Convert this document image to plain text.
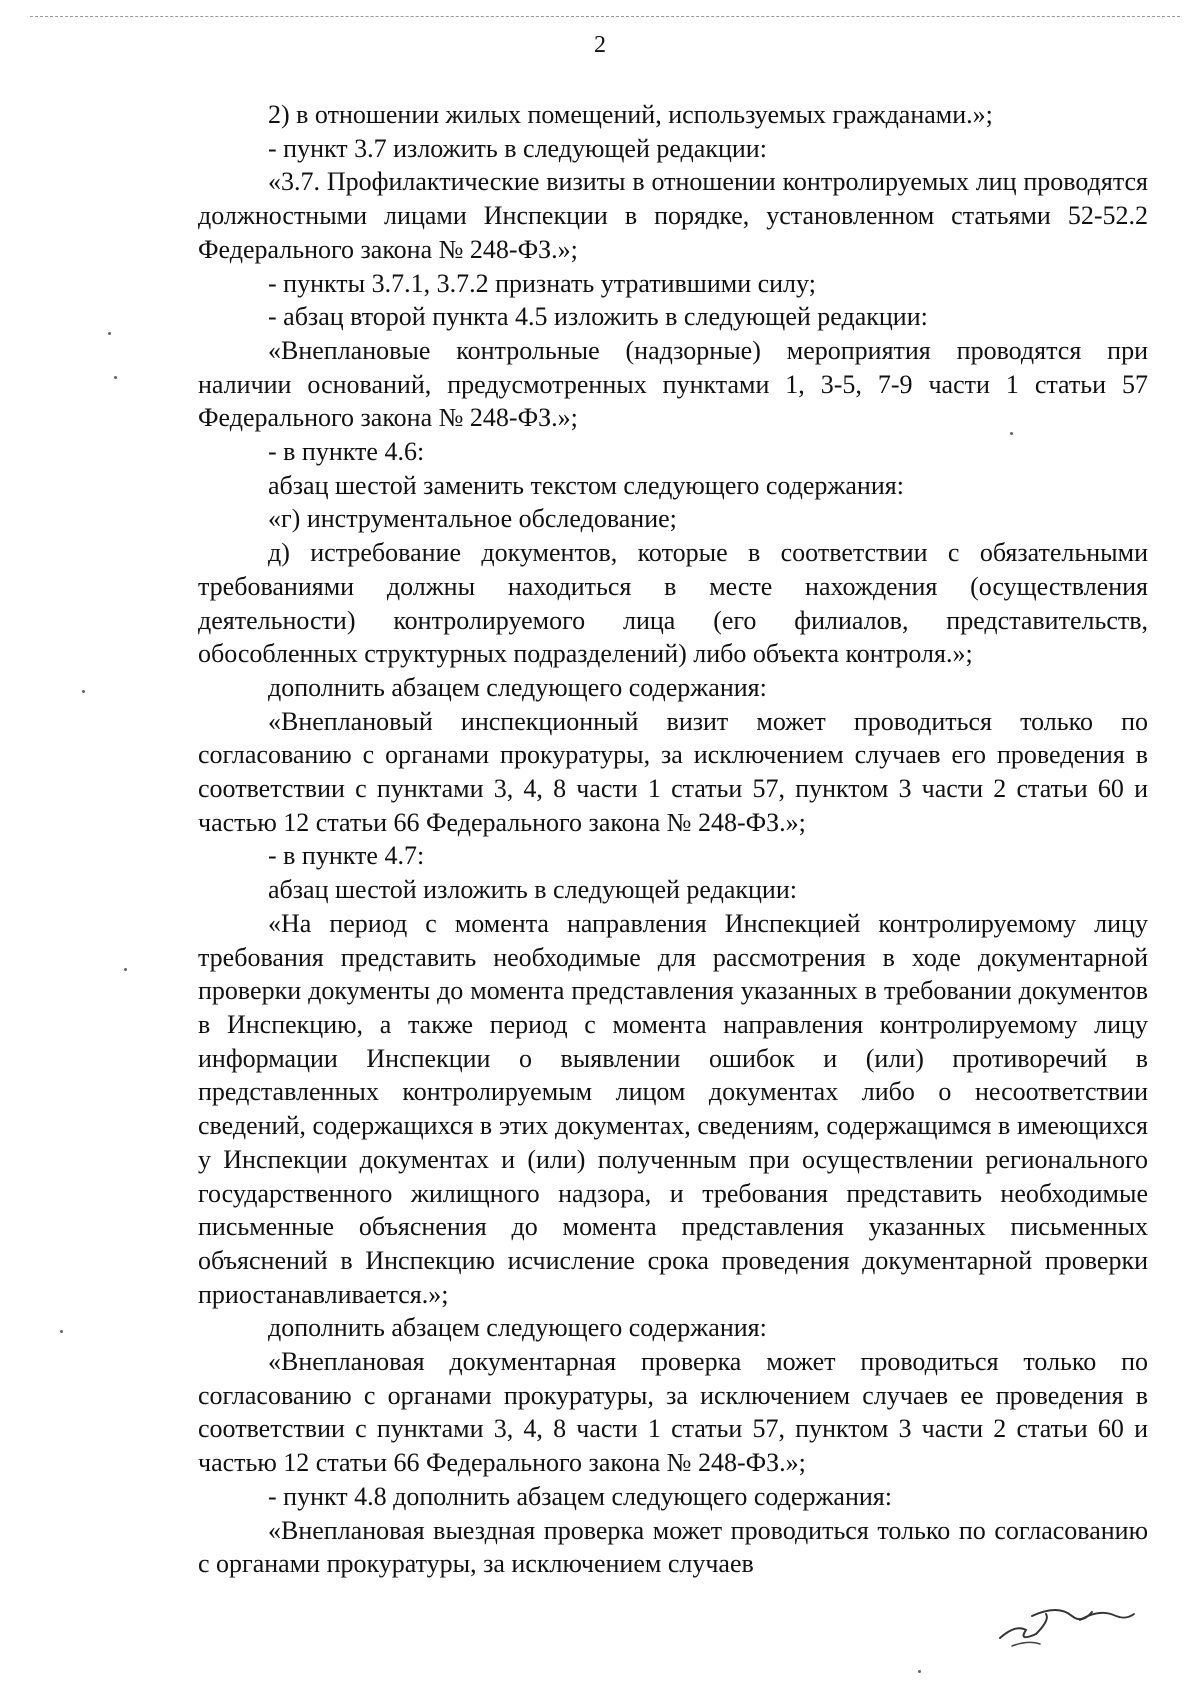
2

2) в отношении жилых помещений, используемых гражданами.»;

- пункт 3.7 изложить в следующей редакции:

«3.7. Профилактические визиты в отношении контролируемых лиц проводятся должностными лицами Инспекции в порядке, установленном статьями 52-52.2 Федерального закона № 248-ФЗ.»;

- пункты 3.7.1, 3.7.2 признать утратившими силу;

- абзац второй пункта 4.5 изложить в следующей редакции:

«Внеплановые контрольные (надзорные) мероприятия проводятся при наличии оснований, предусмотренных пунктами 1, 3-5, 7-9 части 1 статьи 57 Федерального закона № 248-ФЗ.»;

- в пункте 4.6:

абзац шестой заменить текстом следующего содержания:

«г) инструментальное обследование;

д) истребование документов, которые в соответствии с обязательными требованиями должны находиться в месте нахождения (осуществления деятельности) контролируемого лица (его филиалов, представительств, обособленных структурных подразделений) либо объекта контроля.»;

дополнить абзацем следующего содержания:

«Внеплановый инспекционный визит может проводиться только по согласованию с органами прокуратуры, за исключением случаев его проведения в соответствии с пунктами 3, 4, 8 части 1 статьи 57, пунктом 3 части 2 статьи 60 и частью 12 статьи 66 Федерального закона № 248-ФЗ.»;

- в пункте 4.7:

абзац шестой изложить в следующей редакции:

«На период с момента направления Инспекцией контролируемому лицу требования представить необходимые для рассмотрения в ходе документарной проверки документы до момента представления указанных в требовании документов в Инспекцию, а также период с момента направления контролируемому лицу информации Инспекции о выявлении ошибок и (или) противоречий в представленных контролируемым лицом документах либо о несоответствии сведений, содержащихся в этих документах, сведениям, содержащимся в имеющихся у Инспекции документах и (или) полученным при осуществлении регионального государственного жилищного надзора, и требования представить необходимые письменные объяснения до момента представления указанных письменных объяснений в Инспекцию исчисление срока проведения документарной проверки приостанавливается.»;

дополнить абзацем следующего содержания:

«Внеплановая документарная проверка может проводиться только по согласованию с органами прокуратуры, за исключением случаев ее проведения в соответствии с пунктами 3, 4, 8 части 1 статьи 57, пунктом 3 части 2 статьи 60 и частью 12 статьи 66 Федерального закона № 248-ФЗ.»;

- пункт 4.8 дополнить абзацем следующего содержания:

«Внеплановая выездная проверка может проводиться только по согласованию с органами прокуратуры, за исключением случаев
